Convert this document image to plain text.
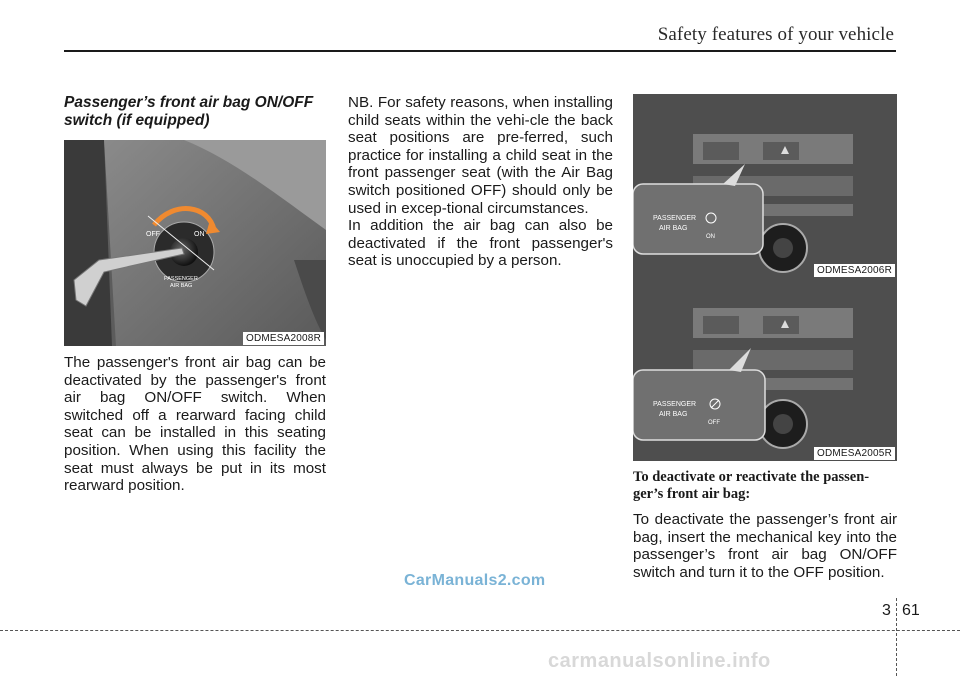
Safety features of your vehicle

Passenger’s front air bag ON/OFF switch (if equipped)

OFF	ON
PASSENGER
AIR BAG
ODMESA2008R

The passenger's front air bag can be deactivated by the passenger's front air bag ON/OFF switch. When switched off a rearward facing child seat can be installed in this seating position. When using this facility the seat must always be put in its most rearward position.

NB. For safety reasons, when installing child seats within the vehi-cle the back seat positions are pre-ferred, such practice for installing a child seat in the front passenger seat (with the Air Bag switch positioned OFF) should only be used in excep-tional circumstances.

In addition the air bag can also be deactivated if the front passenger's seat is unoccupied by a person.

PASSENGER
AIR BAG
ON
ODMESA2006R
PASSENGER
AIR BAG
OFF
ODMESA2005R

To deactivate or reactivate the passen-ger’s front air bag:

To deactivate the passenger’s front air bag, insert the mechanical key into the passenger’s front air bag ON/OFF switch and turn it to the OFF position.

CarManuals2.com
3 61
carmanualsonline.info
